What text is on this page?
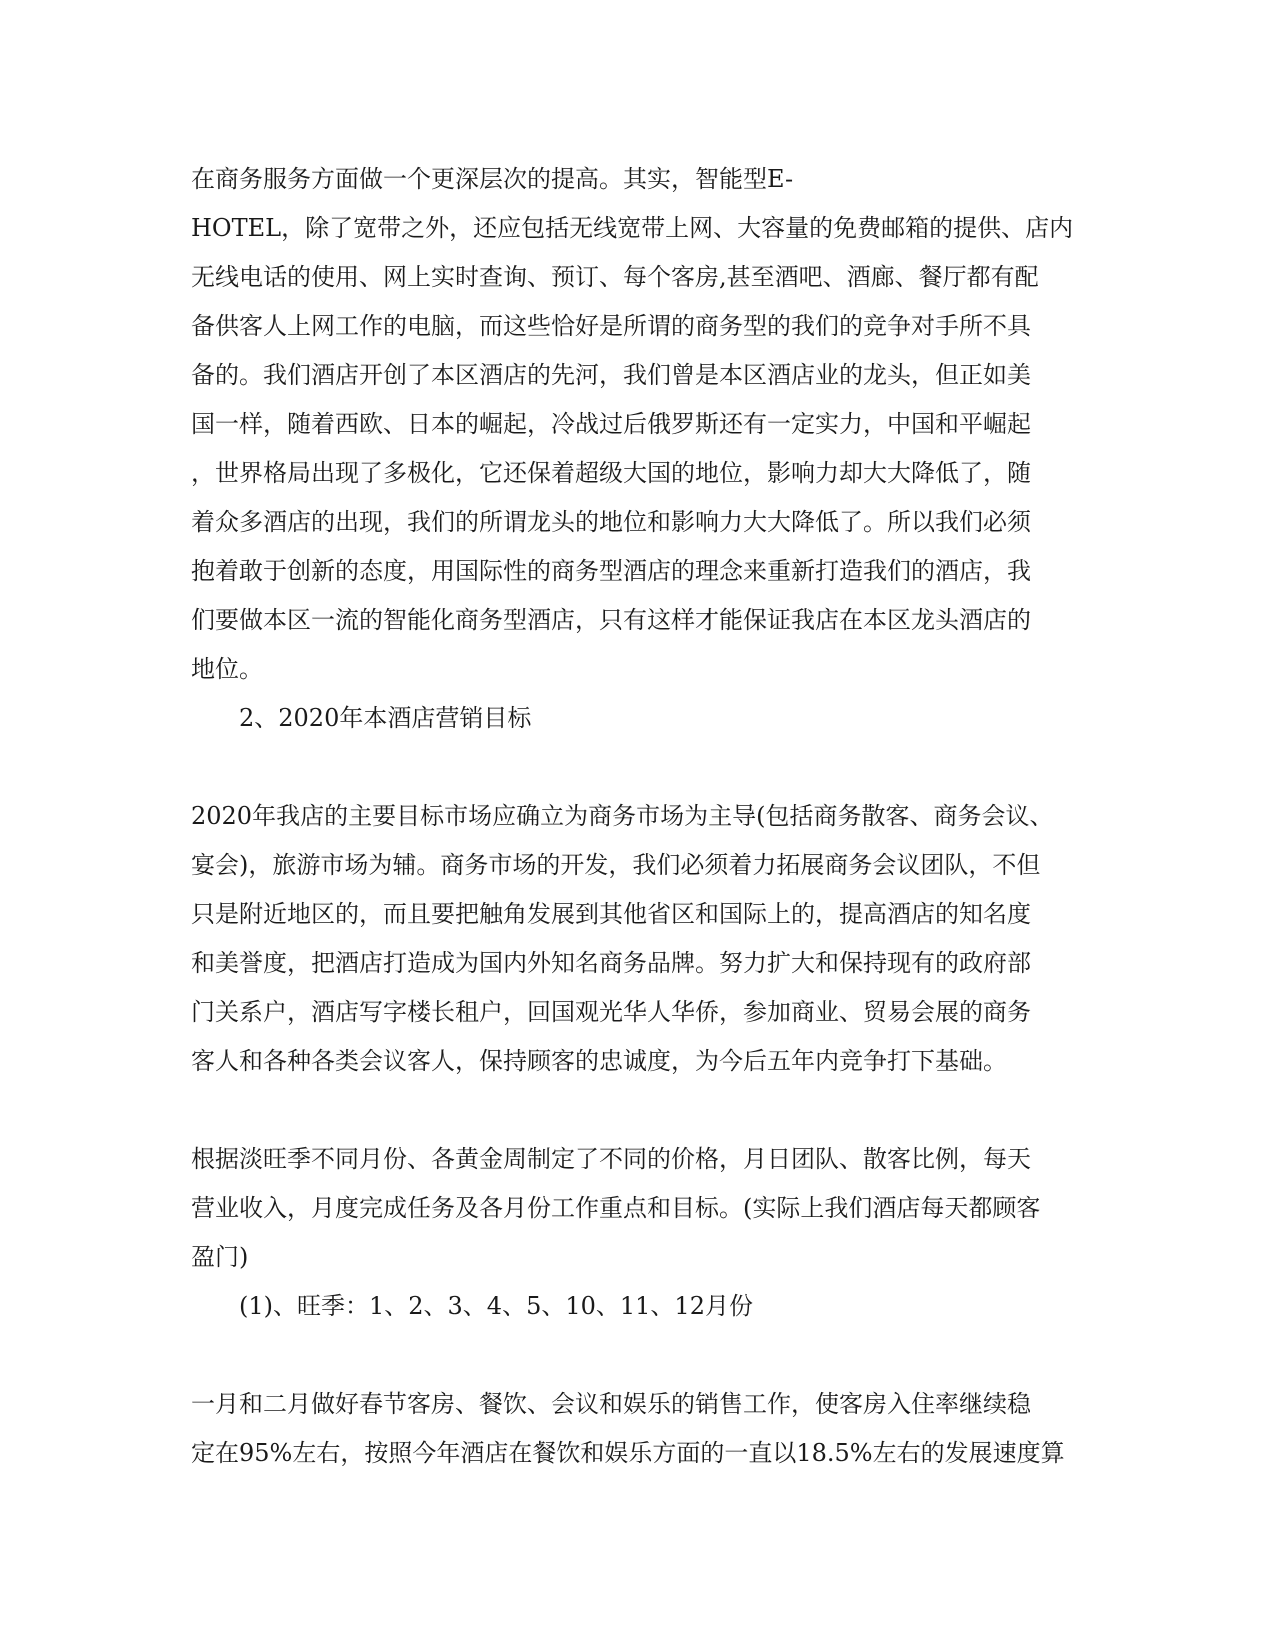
在商务服务方面做一个更深层次的提高。其实，智能型E-
HOTEL，除了宽带之外，还应包括无线宽带上网、大容量的免费邮箱的提供、店内
无线电话的使用、网上实时查询、预订、每个客房,甚至酒吧、酒廊、餐厅都有配
备供客人上网工作的电脑，而这些恰好是所谓的商务型的我们的竞争对手所不具
备的。我们酒店开创了本区酒店的先河，我们曾是本区酒店业的龙头，但正如美
国一样，随着西欧、日本的崛起，冷战过后俄罗斯还有一定实力，中国和平崛起
，世界格局出现了多极化，它还保着超级大国的地位，影响力却大大降低了，随
着众多酒店的出现，我们的所谓龙头的地位和影响力大大降低了。所以我们必须
抱着敢于创新的态度，用国际性的商务型酒店的理念来重新打造我们的酒店，我
们要做本区一流的智能化商务型酒店，只有这样才能保证我店在本区龙头酒店的
地位。
2、2020年本酒店营销目标
2020年我店的主要目标市场应确立为商务市场为主导(包括商务散客、商务会议、
宴会)，旅游市场为辅。商务市场的开发，我们必须着力拓展商务会议团队，不但
只是附近地区的，而且要把触角发展到其他省区和国际上的，提高酒店的知名度
和美誉度，把酒店打造成为国内外知名商务品牌。努力扩大和保持现有的政府部
门关系户，酒店写字楼长租户，回国观光华人华侨，参加商业、贸易会展的商务
客人和各种各类会议客人，保持顾客的忠诚度，为今后五年内竞争打下基础。
根据淡旺季不同月份、各黄金周制定了不同的价格，月日团队、散客比例，每天
营业收入，月度完成任务及各月份工作重点和目标。(实际上我们酒店每天都顾客
盈门)
(1)、旺季：1、2、3、4、5、10、11、12月份
一月和二月做好春节客房、餐饮、会议和娱乐的销售工作，使客房入住率继续稳
定在95%左右，按照今年酒店在餐饮和娱乐方面的一直以18.5%左右的发展速度算
